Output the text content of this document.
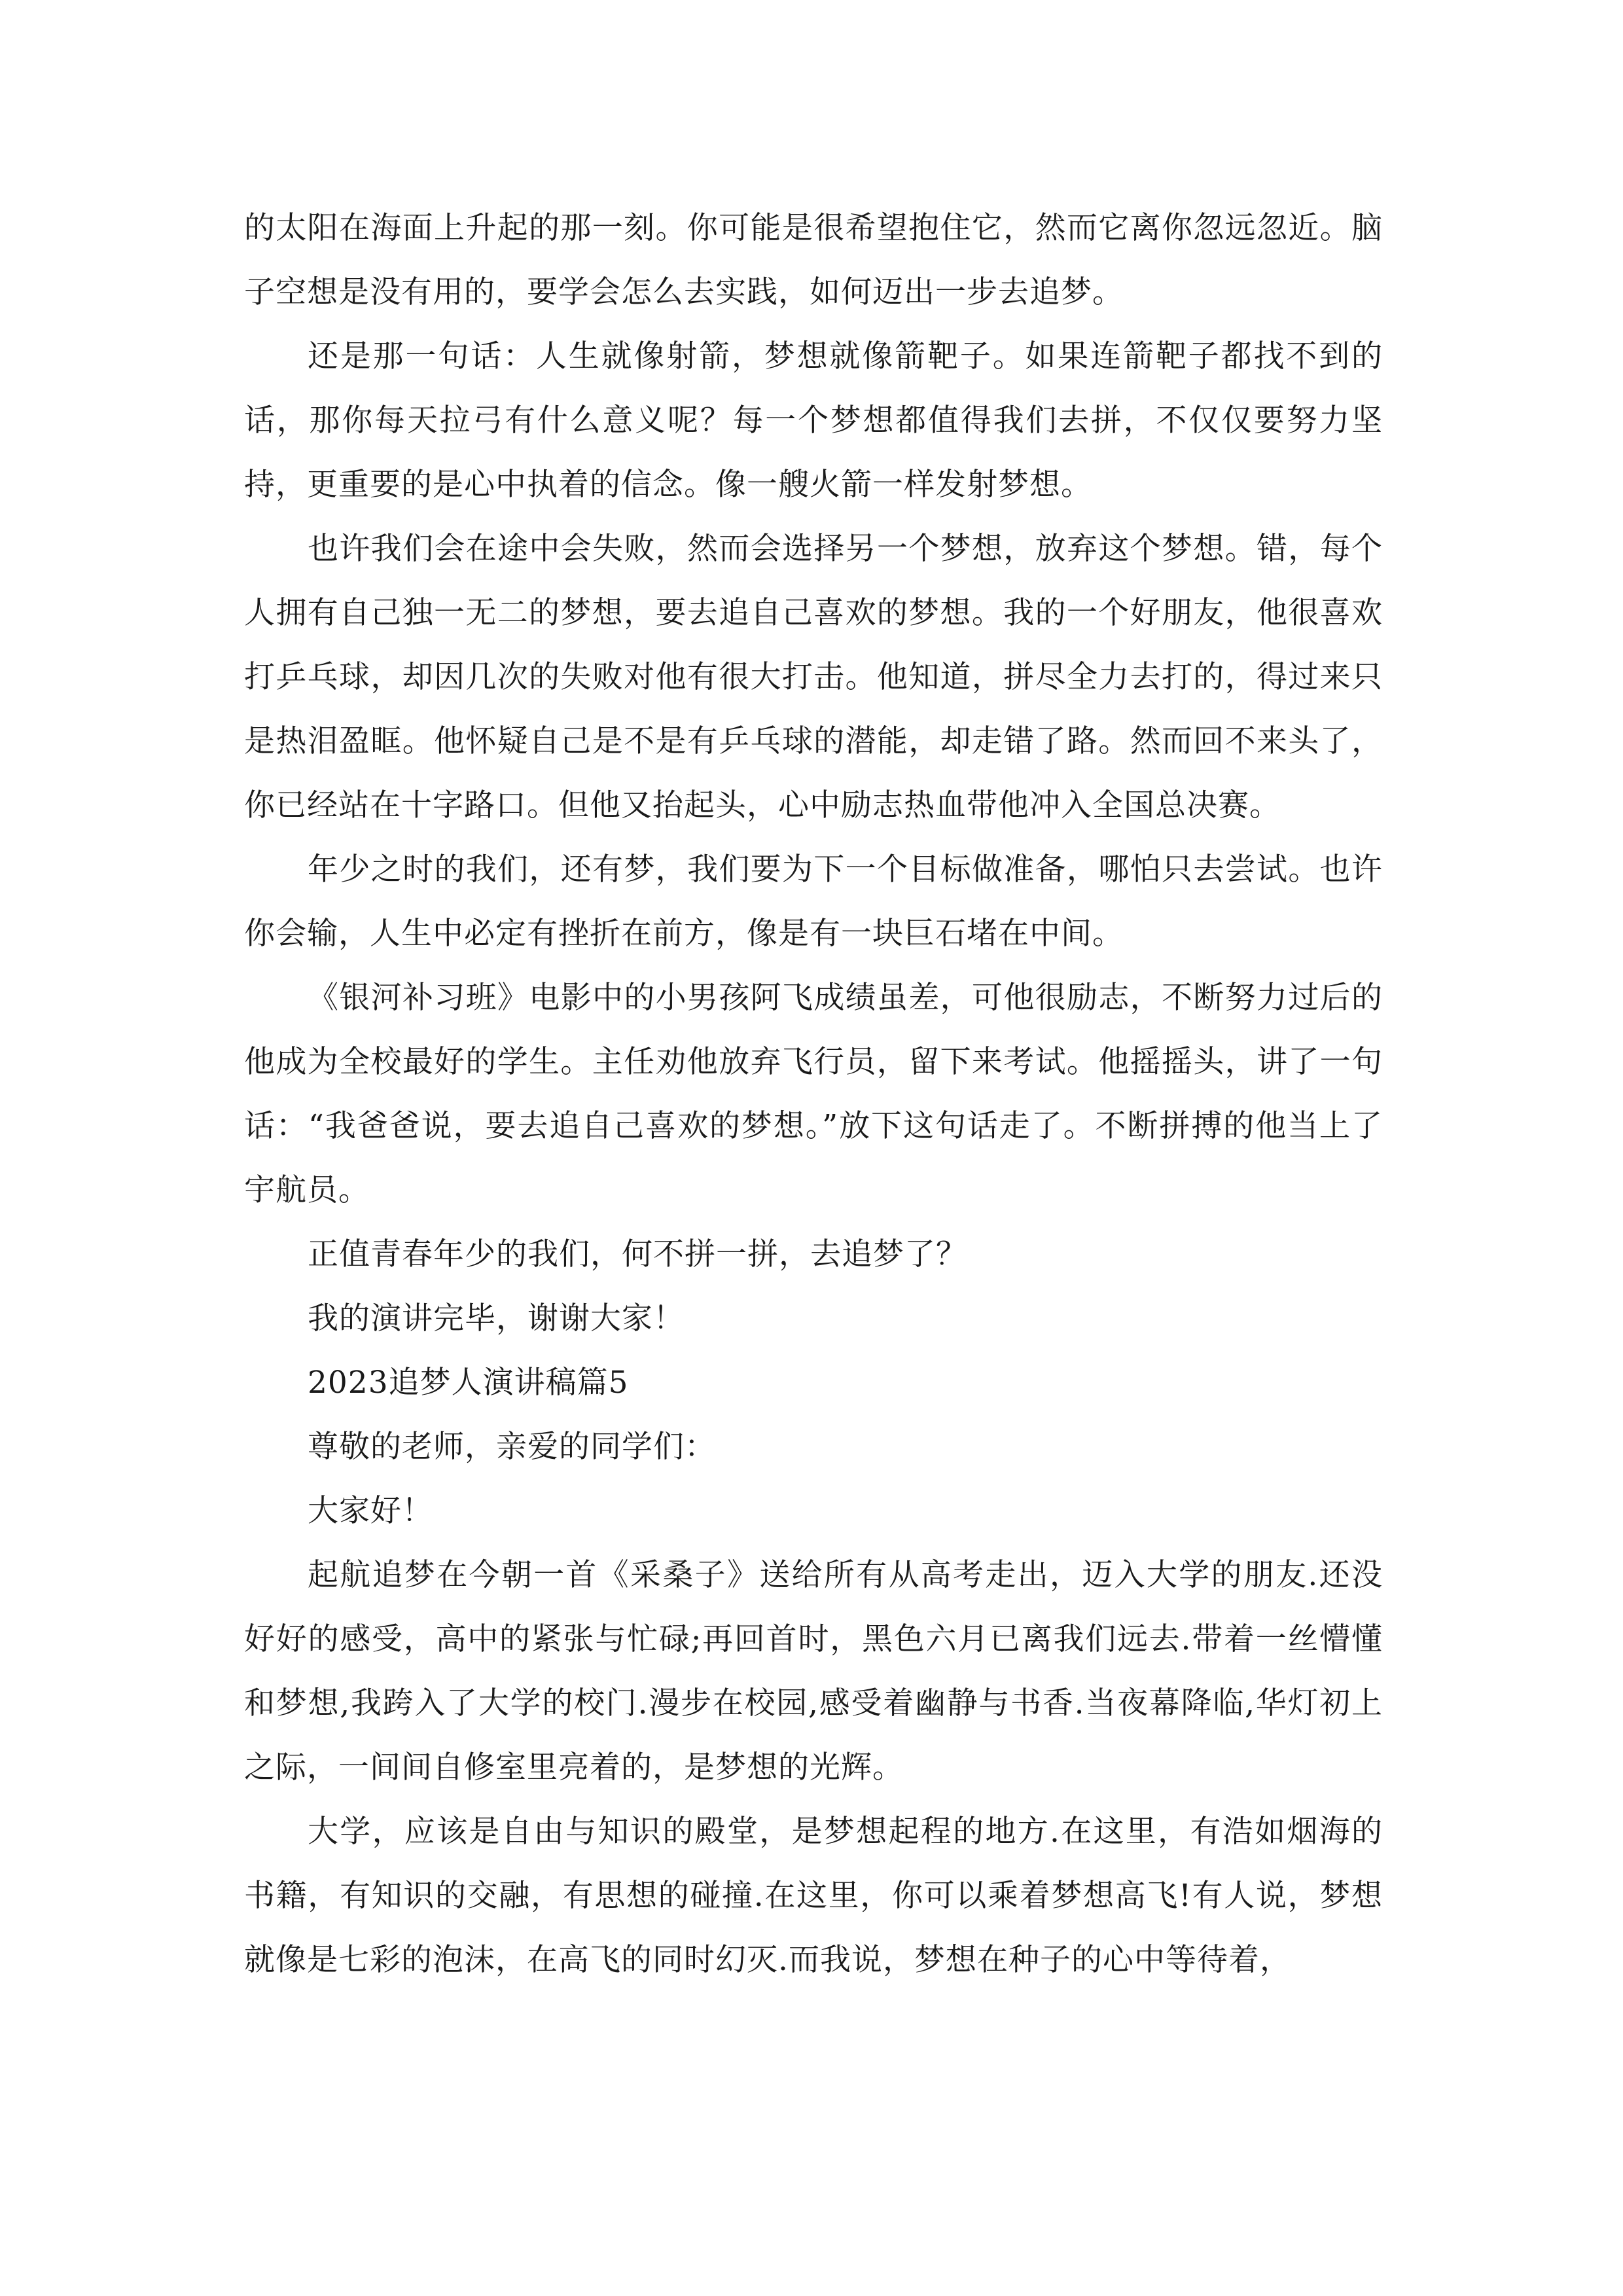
的太阳在海面上升起的那一刻。你可能是很希望抱住它，然而它离你忽远忽近。脑子空想是没有用的，要学会怎么去实践，如何迈出一步去追梦。

还是那一句话：人生就像射箭，梦想就像箭靶子。如果连箭靶子都找不到的话，那你每天拉弓有什么意义呢？每一个梦想都值得我们去拼，不仅仅要努力坚持，更重要的是心中执着的信念。像一艘火箭一样发射梦想。

也许我们会在途中会失败，然而会选择另一个梦想，放弃这个梦想。错，每个人拥有自己独一无二的梦想，要去追自己喜欢的梦想。我的一个好朋友，他很喜欢打乒乓球，却因几次的失败对他有很大打击。他知道，拼尽全力去打的，得过来只是热泪盈眶。他怀疑自己是不是有乒乓球的潜能，却走错了路。然而回不来头了，你已经站在十字路口。但他又抬起头，心中励志热血带他冲入全国总决赛。

年少之时的我们，还有梦，我们要为下一个目标做准备，哪怕只去尝试。也许你会输，人生中必定有挫折在前方，像是有一块巨石堵在中间。

《银河补习班》电影中的小男孩阿飞成绩虽差，可他很励志，不断努力过后的他成为全校最好的学生。主任劝他放弃飞行员，留下来考试。他摇摇头，讲了一句话：“我爸爸说，要去追自己喜欢的梦想。”放下这句话走了。不断拼搏的他当上了宇航员。

正值青春年少的我们，何不拼一拼，去追梦了？

我的演讲完毕，谢谢大家！

2023追梦人演讲稿篇5

尊敬的老师，亲爱的同学们：

大家好！

起航追梦在今朝一首《采桑子》送给所有从高考走出，迈入大学的朋友.还没好好的感受，高中的紧张与忙碌;再回首时，黑色六月已离我们远去.带着一丝懵懂和梦想,我跨入了大学的校门.漫步在校园,感受着幽静与书香.当夜幕降临,华灯初上之际，一间间自修室里亮着的，是梦想的光辉。

大学，应该是自由与知识的殿堂，是梦想起程的地方.在这里，有浩如烟海的书籍，有知识的交融，有思想的碰撞.在这里，你可以乘着梦想高飞!有人说，梦想就像是七彩的泡沫，在高飞的同时幻灭.而我说，梦想在种子的心中等待着，
